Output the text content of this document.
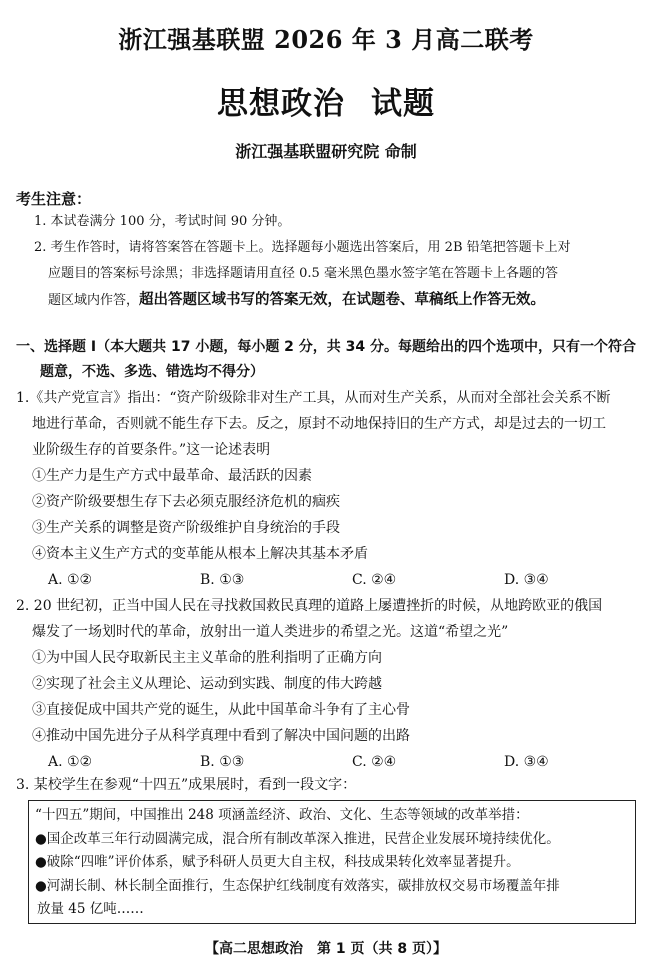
浙江强基联盟 2026 年 3 月高二联考
思想政治 试题
浙江强基联盟研究院 命制
考生注意：
1. 本试卷满分 100 分，考试时间 90 分钟。
2. 考生作答时，请将答案答在答题卡上。选择题每小题选出答案后，用 2B 铅笔把答题卡上对
应题目的答案标号涂黑；非选择题请用直径 0.5 毫米黑色墨水签字笔在答题卡上各题的答
题区域内作答，超出答题区域书写的答案无效，在试题卷、草稿纸上作答无效。
一、选择题 Ⅰ（本大题共 17 小题，每小题 2 分，共 34 分。每题给出的四个选项中，只有一个符合
题意，不选、多选、错选均不得分）
1.《共产党宣言》指出：“资产阶级除非对生产工具，从而对生产关系，从而对全部社会关系不断
地进行革命，否则就不能生存下去。反之，原封不动地保持旧的生产方式，却是过去的一切工
业阶级生存的首要条件。”这一论述表明
①生产力是生产方式中最革命、最活跃的因素
②资产阶级要想生存下去必须克服经济危机的痼疾
③生产关系的调整是资产阶级维护自身统治的手段
④资本主义生产方式的变革能从根本上解决其基本矛盾
A. ①②	B. ①③	C. ②④	D. ③④
2. 20 世纪初，正当中国人民在寻找救国救民真理的道路上屡遭挫折的时候，从地跨欧亚的俄国
爆发了一场划时代的革命，放射出一道人类进步的希望之光。这道“希望之光”
①为中国人民夺取新民主主义革命的胜利指明了正确方向
②实现了社会主义从理论、运动到实践、制度的伟大跨越
③直接促成中国共产党的诞生，从此中国革命斗争有了主心骨
④推动中国先进分子从科学真理中看到了解决中国问题的出路
A. ①②	B. ①③	C. ②④	D. ③④
3. 某校学生在参观“十四五”成果展时，看到一段文字：
“十四五”期间，中国推出 248 项涵盖经济、政治、文化、生态等领域的改革举措：
●国企改革三年行动圆满完成，混合所有制改革深入推进，民营企业发展环境持续优化。
●破除“四唯”评价体系，赋予科研人员更大自主权，科技成果转化效率显著提升。
●河湖长制、林长制全面推行，生态保护红线制度有效落实，碳排放权交易市场覆盖年排
放量 45 亿吨……
【高二思想政治　第 1 页（共 8 页）】
